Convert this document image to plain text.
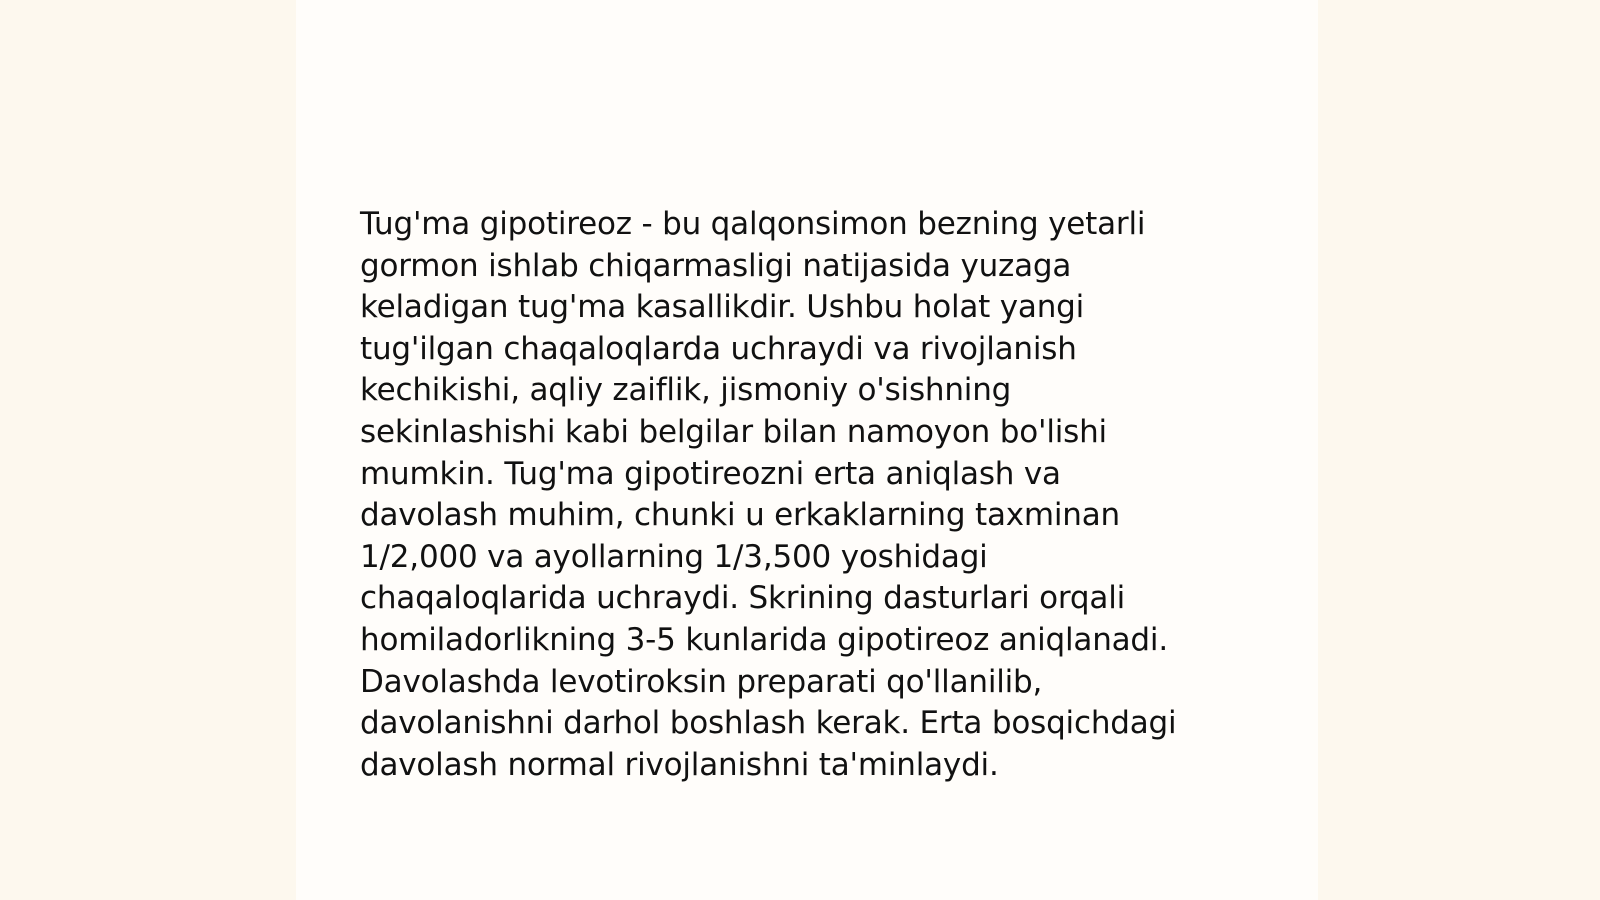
Tug'ma gipotireoz - bu qalqonsimon bezning yetarli
gormon ishlab chiqarmasligi natijasida yuzaga
keladigan tug'ma kasallikdir. Ushbu holat yangi
tug'ilgan chaqaloqlarda uchraydi va rivojlanish
kechikishi, aqliy zaiflik, jismoniy o'sishning
sekinlashishi kabi belgilar bilan namoyon bo'lishi
mumkin. Tug'ma gipotireozni erta aniqlash va
davolash muhim, chunki u erkaklarning taxminan
1/2,000 va ayollarning 1/3,500 yoshidagi
chaqaloqlarida uchraydi. Skrining dasturlari orqali
homiladorlikning 3-5 kunlarida gipotireoz aniqlanadi.
Davolashda levotiroksin preparati qo'llanilib,
davolanishni darhol boshlash kerak. Erta bosqichdagi
davolash normal rivojlanishni ta'minlaydi.
